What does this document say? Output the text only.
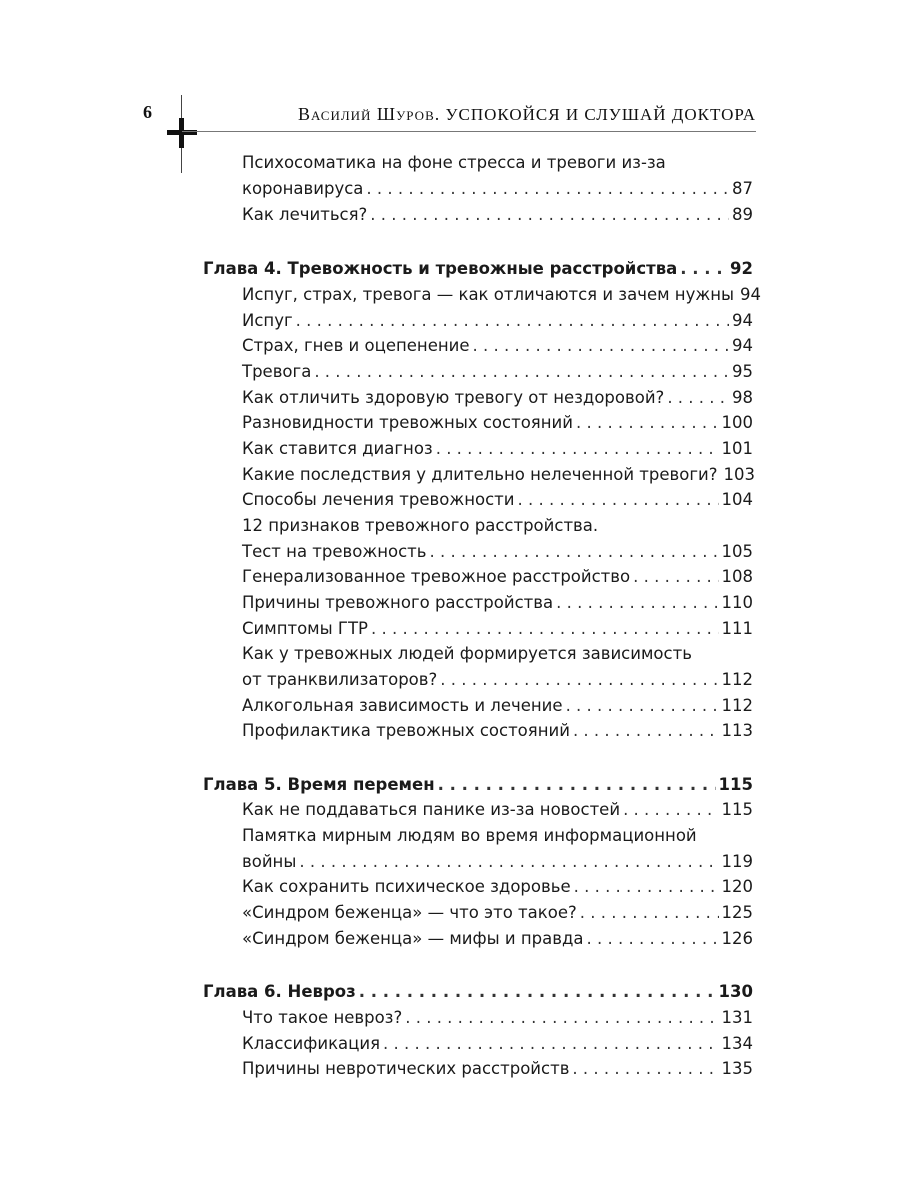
6	Василий Шуров. УСПОКОЙСЯ И СЛУШАЙ ДОКТОРА
Психосоматика на фоне стресса и тревоги из-за
коронавируса . . .	87
Как лечиться? . . .	89
Глава 4. Тревожность и тревожные расстройства . . .	92
Испуг, страх, тревога — как отличаются и зачем нужны 94
Испуг . . .	94
Страх, гнев и оцепенение . . .	94
Тревога . . .	95
Как отличить здоровую тревогу от нездоровой? . . .	98
Разновидности тревожных состояний . . .	100
Как ставится диагноз . . .	101
Какие последствия у длительно нелеченной тревоги? 103
Способы лечения тревожности . . .	104
12 признаков тревожного расстройства.
Тест на тревожность . . .	105
Генерализованное тревожное расстройство . . .	108
Причины тревожного расстройства . . .	110
Симптомы ГТР . . .	111
Как у тревожных людей формируется зависимость
от транквилизаторов? . . .	112
Алкогольная зависимость и лечение . . .	112
Профилактика тревожных состояний . . .	113
Глава 5. Время перемен . . .	115
Как не поддаваться панике из-за новостей . . .	115
Памятка мирным людям во время информационной
войны . . .	119
Как сохранить психическое здоровье . . .	120
«Синдром беженца» — что это такое? . . .	125
«Синдром беженца» — мифы и правда . . .	126
Глава 6. Невроз . . .	130
Что такое невроз? . . .	131
Классификация . . .	134
Причины невротических расстройств . . .	135
